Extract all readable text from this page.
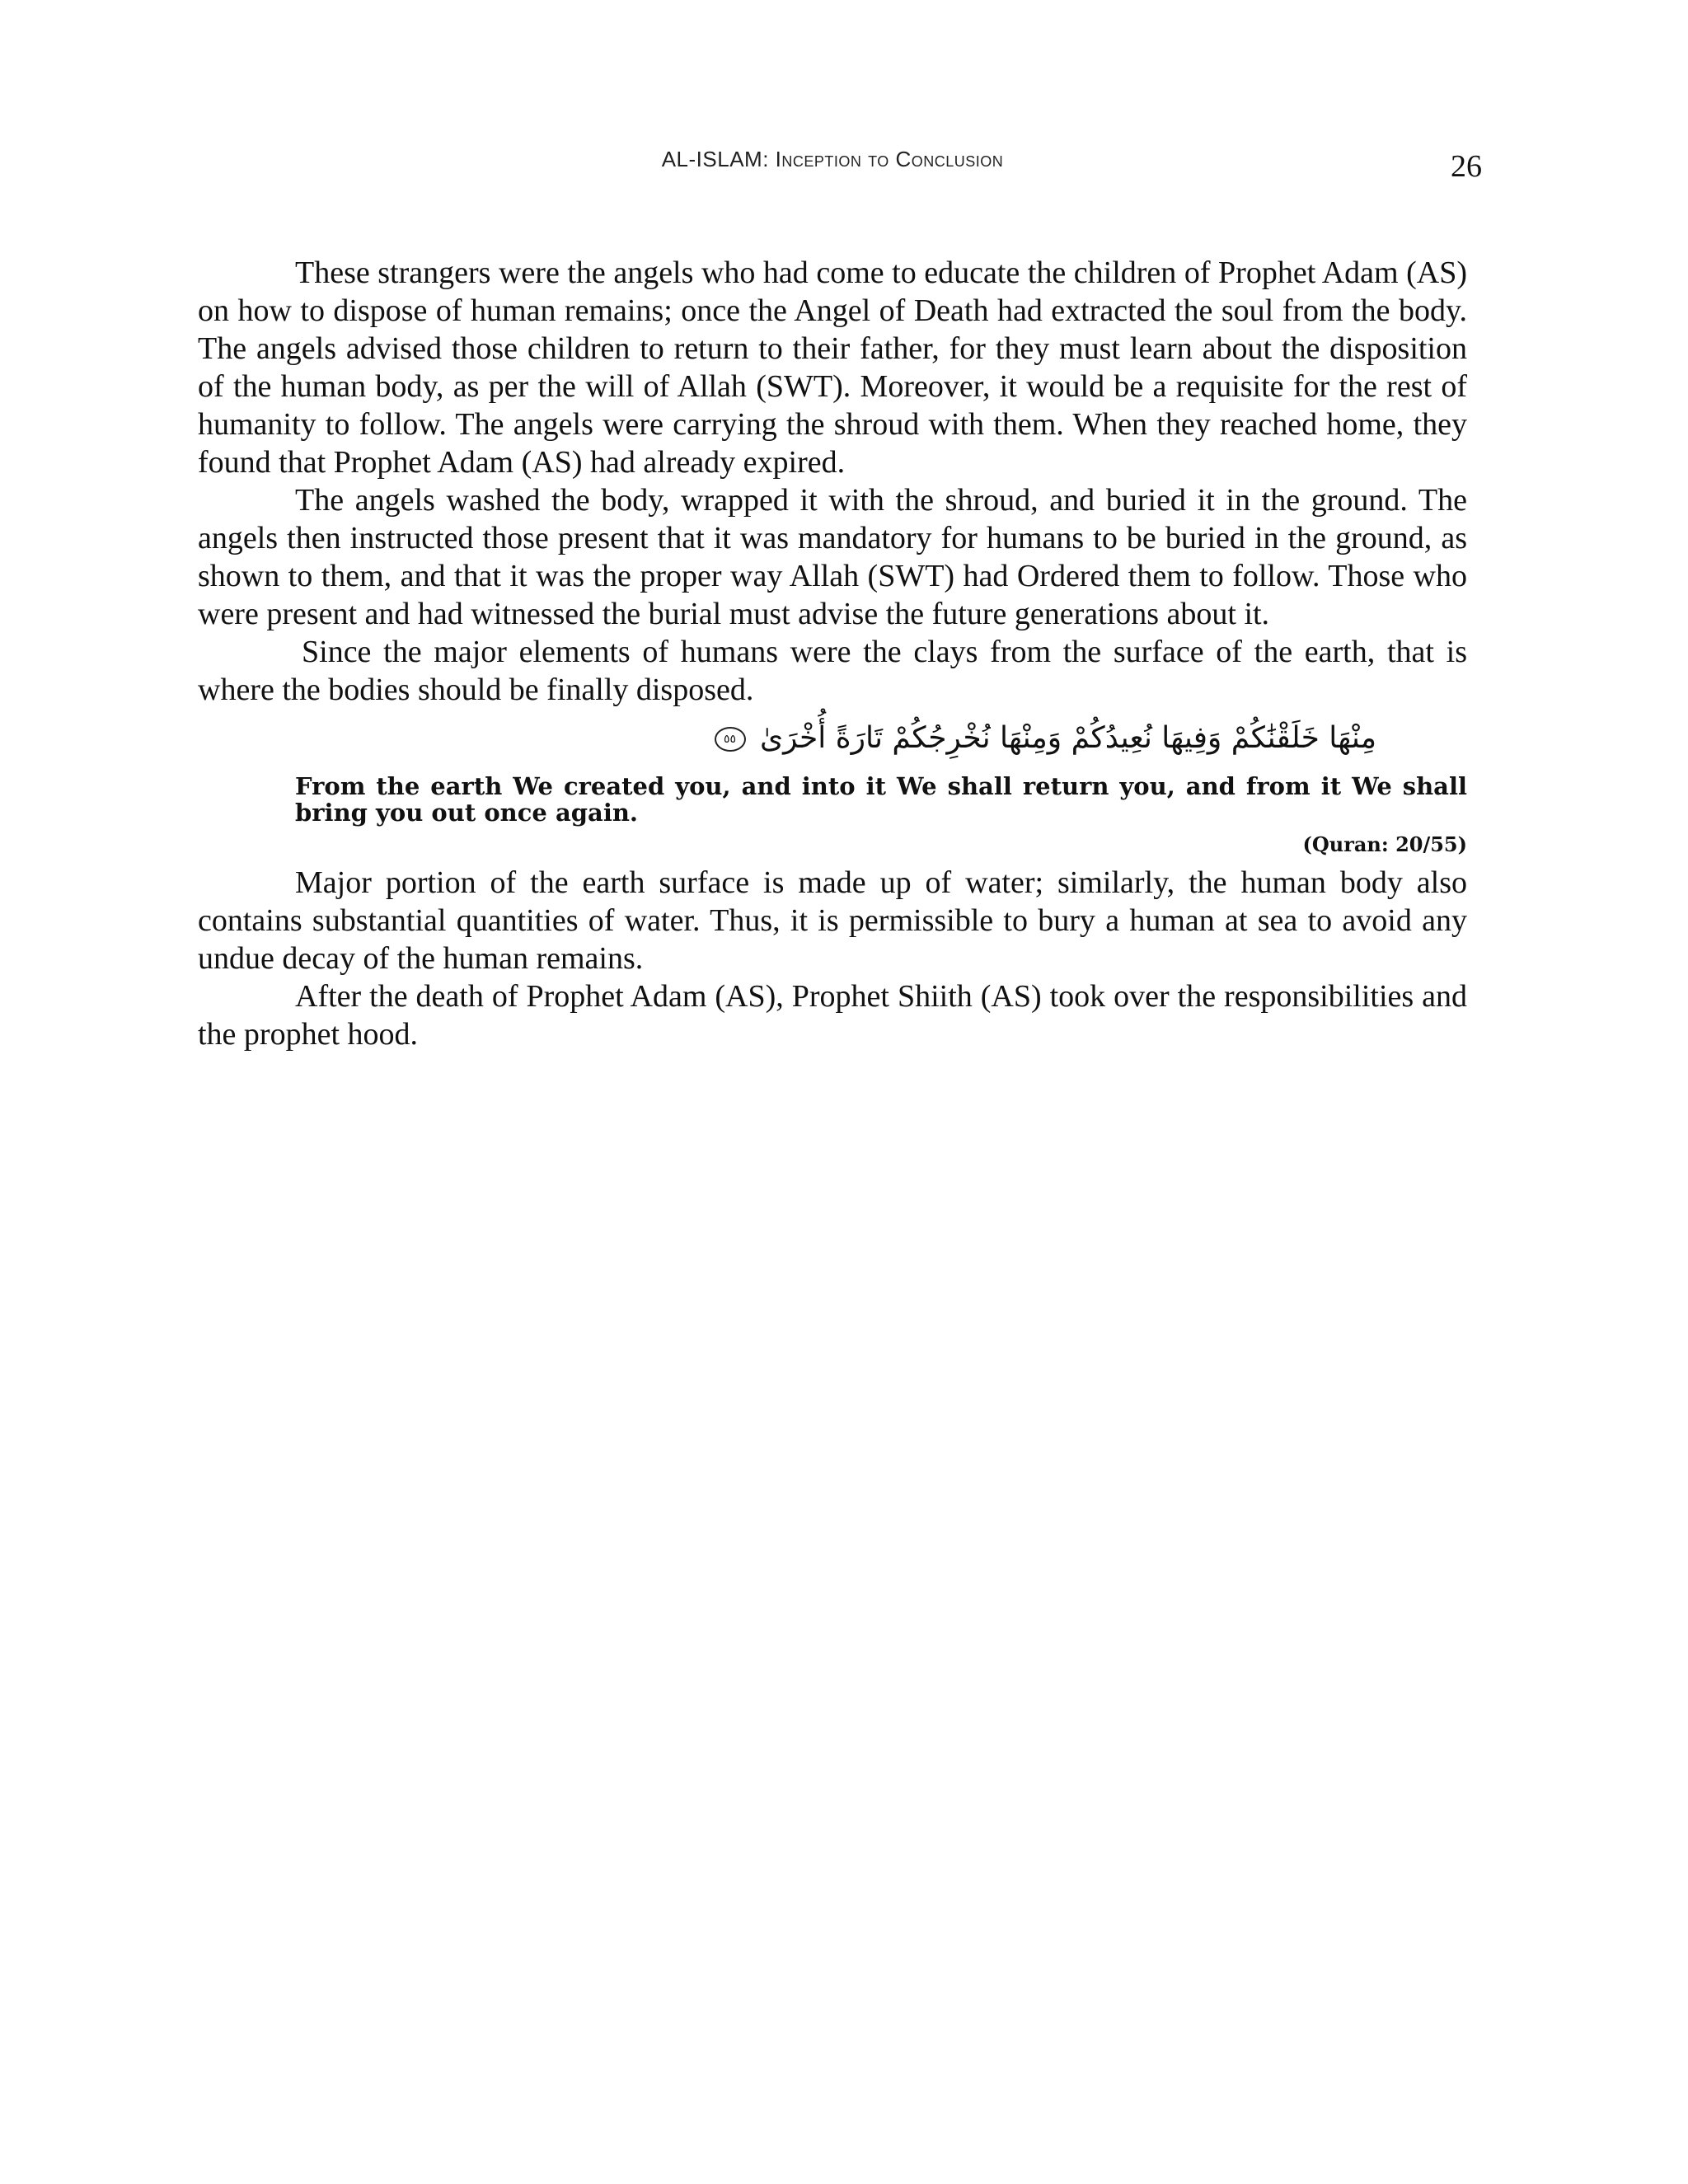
AL-ISLAM: Inception to Conclusion	26

These strangers were the angels who had come to educate the children of Prophet Adam (AS) on how to dispose of human remains; once the Angel of Death had extracted the soul from the body. The angels advised those children to return to their father, for they must learn about the disposition of the human body, as per the will of Allah (SWT). Moreover, it would be a requisite for the rest of humanity to follow. The angels were carrying the shroud with them. When they reached home, they found that Prophet Adam (AS) had already expired.

The angels washed the body, wrapped it with the shroud, and buried it in the ground. The angels then instructed those present that it was mandatory for humans to be buried in the ground, as shown to them, and that it was the proper way Allah (SWT) had Ordered them to follow. Those who were present and had witnessed the burial must advise the future generations about it.

Since the major elements of humans were the clays from the surface of the earth, that is where the bodies should be finally disposed.

مِنْهَا خَلَقْنَٰكُمْ وَفِيهَا نُعِيدُكُمْ وَمِنْهَا نُخْرِجُكُمْ تَارَةً أُخْرَىٰ ٥٥
From the earth We created you, and into it We shall return you, and from it We shall bring you out once again.
(Quran: 20/55)

Major portion of the earth surface is made up of water; similarly, the human body also contains substantial quantities of water. Thus, it is permissible to bury a human at sea to avoid any undue decay of the human remains.

After the death of Prophet Adam (AS), Prophet Shiith (AS) took over the responsibilities and the prophet hood.
